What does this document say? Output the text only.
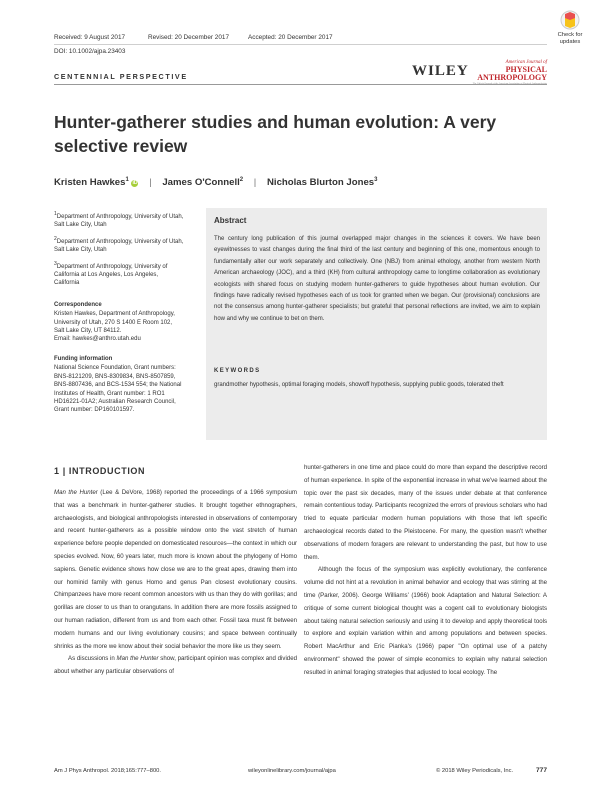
Received: 9 August 2017	Revised: 20 December 2017	Accepted: 20 December 2017
DOI: 10.1002/ajpa.23403
Check for
updates
CENTENNIAL PERSPECTIVE	WILEY
American Journal of
PHYSICAL
ANTHROPOLOGY
The Official Journal of the American Association of Physical Anthropologists
Hunter-gatherer studies and human evolution: A very
selective review
Kristen Hawkes$^1$ iD | James O'Connell$^2$ | Nicholas Blurton Jones$^3$

$^1$Department of Anthropology, University of Utah, Salt Lake City, Utah

$^2$Department of Anthropology, University of Utah, Salt Lake City, Utah

$^3$Department of Anthropology, University of California at Los Angeles, Los Angeles, California

Correspondence

Kristen Hawkes, Department of Anthropology, University of Utah, 270 S 1400 E Room 102, Salt Lake City, UT 84112.

Email: hawkes@anthro.utah.edu

Funding information

National Science Foundation, Grant numbers: BNS-8121209, BNS-8309834, BNS-8507859, BNS-8807436, and BCS-1534 554; the National Institutes of Health, Grant number: 1 RO1 HD16221-01A2; Australian Research Council, Grant number: DP160101597.

Abstract
The century long publication of this journal overlapped major changes in the sciences it covers. We have been eyewitnesses to vast changes during the final third of the last century and beginning of this one, momentous enough to fundamentally alter our work separately and collectively. One (NBJ) from animal ethology, another from western North American archaeology (JOC), and a third (KH) from cultural anthropology came to longtime collaboration as evolutionary ecologists with shared focus on studying modern hunter-gatherers to guide hypotheses about human evolution. Our findings have radically revised hypotheses each of us took for granted when we began. Our (provisional) conclusions are not the consensus among hunter-gatherer specialists; but grateful that personal reflections are invited, we aim to explain how and why we continue to bet on them.
KEYWORDS
grandmother hypothesis, optimal foraging models, showoff hypothesis, supplying public goods, tolerated theft
1 | INTRODUCTION

Man the Hunter (Lee & DeVore, 1968) reported the proceedings of a 1966 symposium that was a benchmark in hunter-gatherer studies. It brought together ethnographers, archaeologists, and biological anthropologists interested in observations of contemporary and recent hunter-gatherers as a possible window onto the vast stretch of human experience before people depended on domesticated resources—the context in which our species evolved. Now, 60 years later, much more is known about the phylogeny of Homo sapiens. Genetic evidence shows how close we are to the great apes, drawing them into our hominid family with genus Homo and genus Pan closest evolutionary cousins. Chimpanzees have more recent common ancestors with us than they do with gorillas; and gorillas are closer to us than to orangutans. In addition there are more fossils assigned to our human radiation, different from us and from each other. Fossil taxa must fit between modern humans and our living evolutionary cousins; and space between continually shrinks as the more we know about their social behavior the more like us they seem.

As discussions in Man the Hunter show, participant opinion was complex and divided about whether any particular observations of

hunter-gatherers in one time and place could do more than expand the descriptive record of human experience. In spite of the exponential increase in what we've learned about the topic over the past six decades, many of the issues under debate at that conference remain contentious today. Participants recognized the errors of previous scholars who had tried to equate particular modern human populations with those that left specific archaeological records dated to the Pleistocene. For many, the question wasn't whether observations of modern foragers are relevant to understanding the past, but how to use them.

Although the focus of the symposium was explicitly evolutionary, the conference volume did not hint at a revolution in animal behavior and ecology that was stirring at the time (Parker, 2006). George Williams' (1966) book Adaptation and Natural Selection: A critique of some current biological thought was a cogent call to evolutionary biologists about taking natural selection seriously and using it to develop and apply theoretical tools to explore and explain variation within and among populations and between species. Robert MacArthur and Eric Pianka's (1966) paper "On optimal use of a patchy environment" showed the power of simple economics to explain why natural selection resulted in animal foraging strategies that adjusted to local ecology. The

Am J Phys Anthropol. 2018;165:777–800.	wileyonlinelibrary.com/journal/ajpa	© 2018 Wiley Periodicals, Inc.	777
